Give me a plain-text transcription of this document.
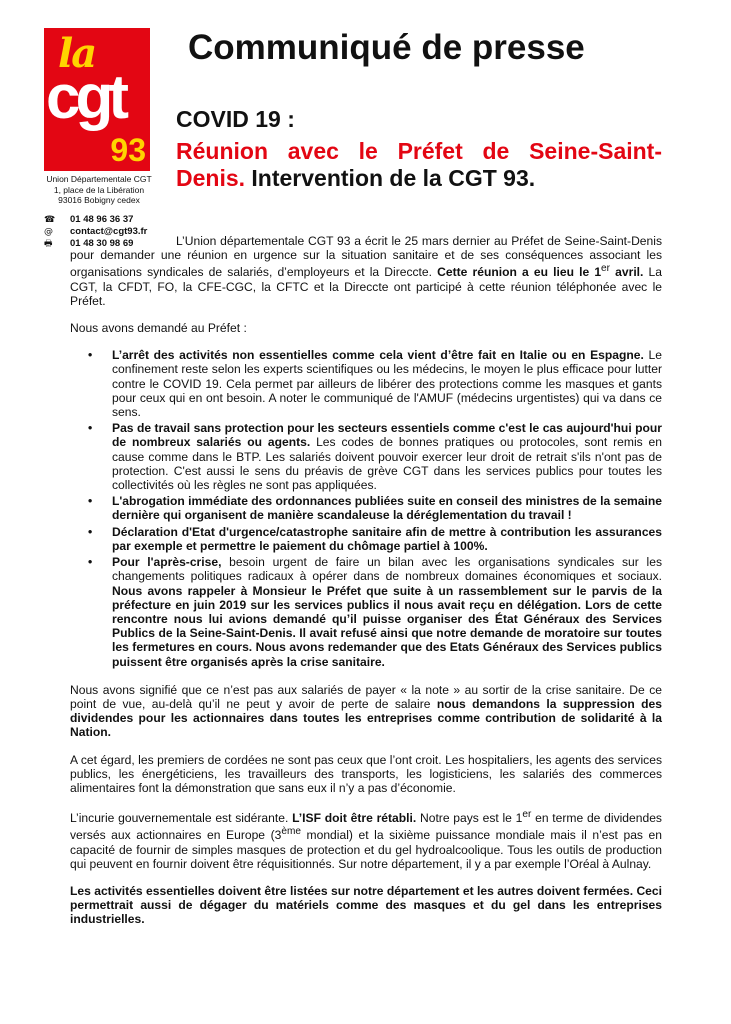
la
cgt
93
Union Départementale CGT
1, place de la Libération
93016 Bobigny cedex
☎	01 48 96 36 37
@	contact@cgt93.fr
🖶	01 48 30 98 69
Communiqué de presse
COVID 19 :
Réunion avec le Préfet de Seine-Saint-Denis. Intervention de la CGT 93.

L’Union départementale CGT 93 a écrit le 25 mars dernier au Préfet de Seine-Saint-Denis pour demander une réunion en urgence sur la situation sanitaire et de ses conséquences associant les organisations syndicales de salariés, d’employeurs et la Direccte. Cette réunion a eu lieu le 1er avril. La CGT, la CFDT, FO, la CFE-CGC, la CFTC et la Direccte ont participé à cette réunion téléphonée avec le Préfet.

Nous avons demandé au Préfet :

• L’arrêt des activités non essentielles comme cela vient d’être fait en Italie ou en Espagne. Le confinement reste selon les experts scientifiques ou les médecins, le moyen le plus efficace pour lutter contre le COVID 19. Cela permet par ailleurs de libérer des protections comme les masques et gants pour ceux qui en ont besoin. A noter le communiqué de l'AMUF (médecins urgentistes) qui va dans ce sens.
• Pas de travail sans protection pour les secteurs essentiels comme c'est le cas aujourd'hui pour de nombreux salariés ou agents. Les codes de bonnes pratiques ou protocoles, sont remis en cause comme dans le BTP. Les salariés doivent pouvoir exercer leur droit de retrait s'ils n'ont pas de protection. C'est aussi le sens du préavis de grève CGT dans les services publics pour toutes les collectivités où les règles ne sont pas appliquées.
• L'abrogation immédiate des ordonnances publiées suite en conseil des ministres de la semaine dernière qui organisent de manière scandaleuse la déréglementation du travail !
• Déclaration d'Etat d'urgence/catastrophe sanitaire afin de mettre à contribution les assurances par exemple et permettre le paiement du chômage partiel à 100%.
• Pour l'après-crise, besoin urgent de faire un bilan avec les organisations syndicales sur les changements politiques radicaux à opérer dans de nombreux domaines économiques et sociaux. Nous avons rappeler à Monsieur le Préfet que suite à un rassemblement sur le parvis de la préfecture en juin 2019 sur les services publics il nous avait reçu en délégation. Lors de cette rencontre nous lui avions demandé qu’il puisse organiser des État Généraux des Services Publics de la Seine-Saint-Denis. Il avait refusé ainsi que notre demande de moratoire sur toutes les fermetures en cours. Nous avons redemander que des Etats Généraux des Services publics puissent être organisés après la crise sanitaire.

Nous avons signifié que ce n’est pas aux salariés de payer « la note » au sortir de la crise sanitaire. De ce point de vue, au-delà qu’il ne peut y avoir de perte de salaire nous demandons la suppression des dividendes pour les actionnaires dans toutes les entreprises comme contribution de solidarité à la Nation.

A cet égard, les premiers de cordées ne sont pas ceux que l’ont croit. Les hospitaliers, les agents des services publics, les énergéticiens, les travailleurs des transports, les logisticiens, les salariés des commerces alimentaires font la démonstration que sans eux il n’y a pas d’économie.

L’incurie gouvernementale est sidérante. L’ISF doit être rétabli. Notre pays est le 1er en terme de dividendes versés aux actionnaires en Europe (3ème mondial) et la sixième puissance mondiale mais il n’est pas en capacité de fournir de simples masques de protection et du gel hydroalcoolique. Tous les outils de production qui peuvent en fournir doivent être réquisitionnés. Sur notre département, il y a par exemple l’Oréal à Aulnay.

Les activités essentielles doivent être listées sur notre département et les autres doivent fermées. Ceci permettrait aussi de dégager du matériels comme des masques et du gel dans les entreprises industrielles.
